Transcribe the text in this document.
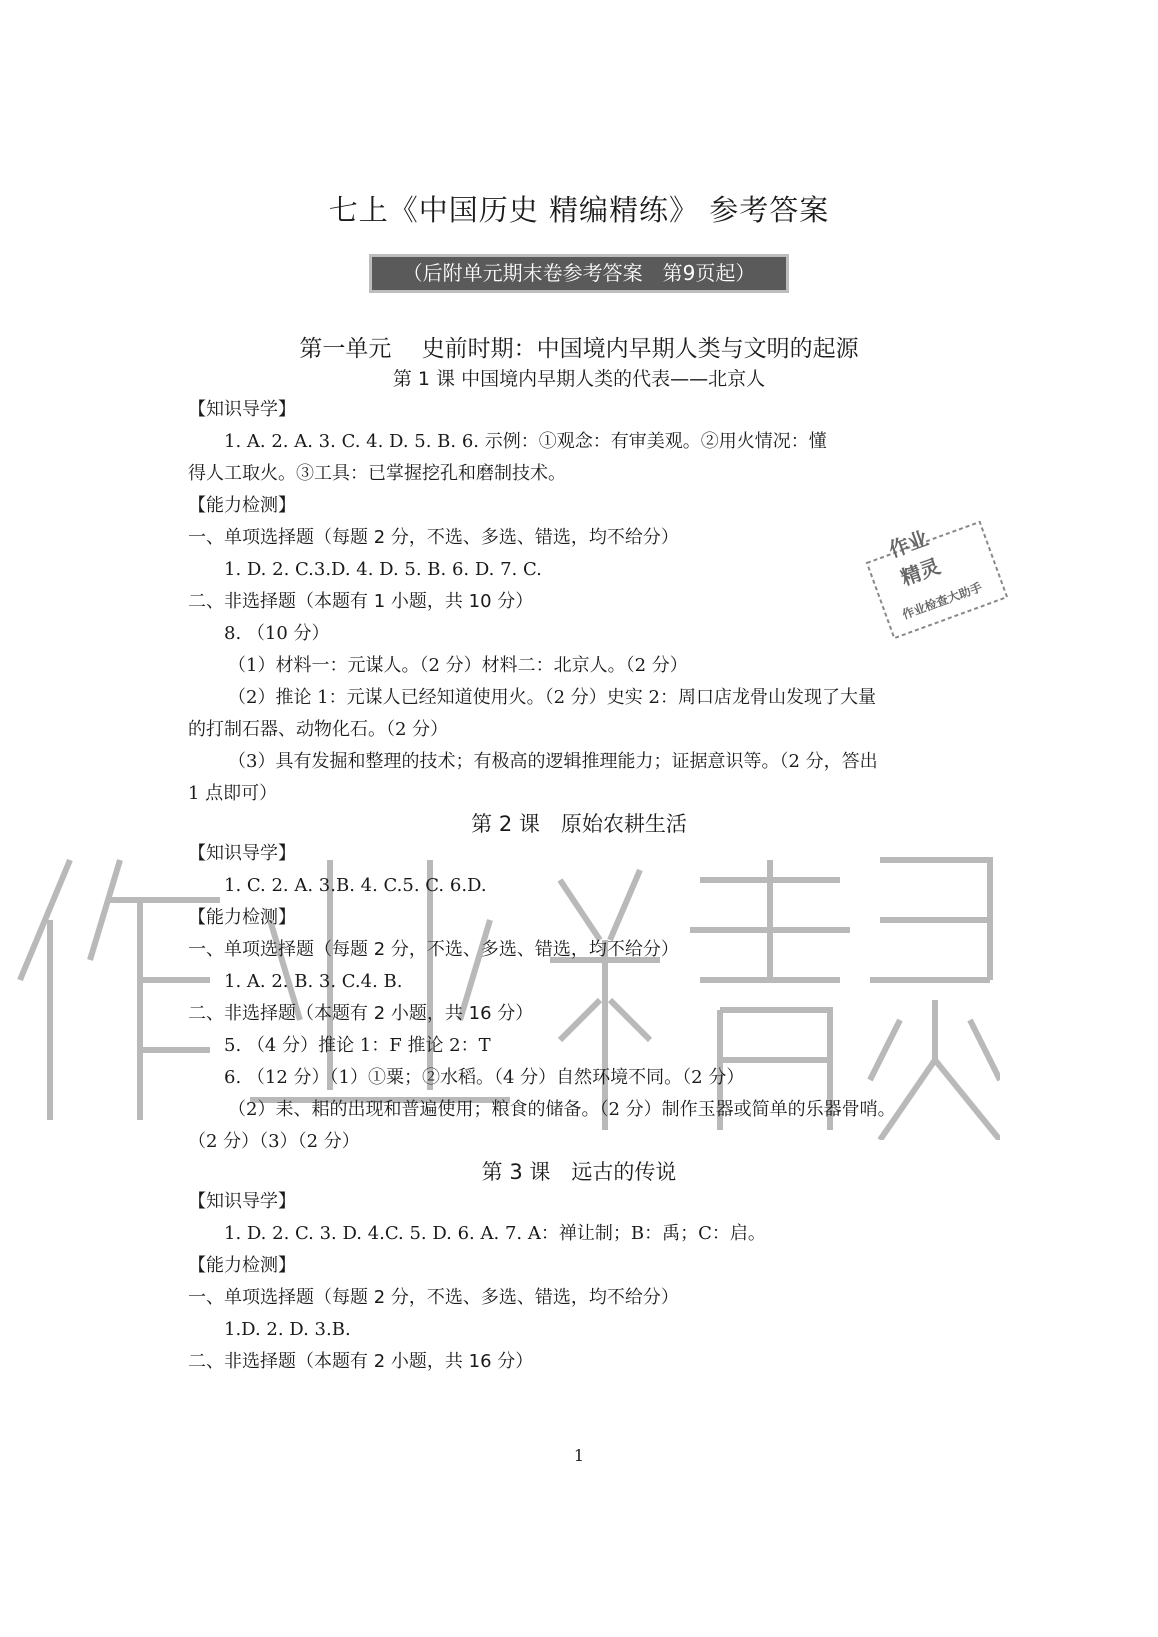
作业
精灵
作业检查大助手
七上《中国历史 精编精练》 参考答案
（后附单元期末卷参考答案　第9页起）
第一单元　 史前时期：中国境内早期人类与文明的起源
第 1 课 中国境内早期人类的代表——北京人
【知识导学】
1. A. 2. A. 3. C. 4. D. 5. B. 6. 示例：①观念：有审美观。②用火情况：懂
得人工取火。③工具：已掌握挖孔和磨制技术。
【能力检测】
一、单项选择题（每题 2 分，不选、多选、错选，均不给分）
1. D. 2. C.3.D. 4. D. 5. B. 6. D. 7. C.
二、非选择题（本题有 1 小题，共 10 分）
8. （10 分）
（1）材料一：元谋人。（2 分）材料二：北京人。（2 分）
（2）推论 1：元谋人已经知道使用火。（2 分）史实 2：周口店龙骨山发现了大量
的打制石器、动物化石。（2 分）
（3）具有发掘和整理的技术；有极高的逻辑推理能力；证据意识等。（2 分，答出
1 点即可）
第 2 课　原始农耕生活
【知识导学】
1. C. 2. A. 3.B. 4. C.5. C. 6.D.
【能力检测】
一、单项选择题（每题 2 分，不选、多选、错选，均不给分）
1. A. 2. B. 3. C.4. B.
二、非选择题（本题有 2 小题，共 16 分）
5. （4 分）推论 1：F 推论 2：T
6. （12 分）（1）①粟；②水稻。（4 分）自然环境不同。（2 分）
（2）耒、耜的出现和普遍使用；粮食的储备。（2 分）制作玉器或简单的乐器骨哨。
（2 分）（3）（2 分）
第 3 课　远古的传说
【知识导学】
1. D. 2. C. 3. D. 4.C. 5. D. 6. A. 7. A：禅让制；B：禹；C：启。
【能力检测】
一、单项选择题（每题 2 分，不选、多选、错选，均不给分）
1.D. 2. D. 3.B.
二、非选择题（本题有 2 小题，共 16 分）
1
